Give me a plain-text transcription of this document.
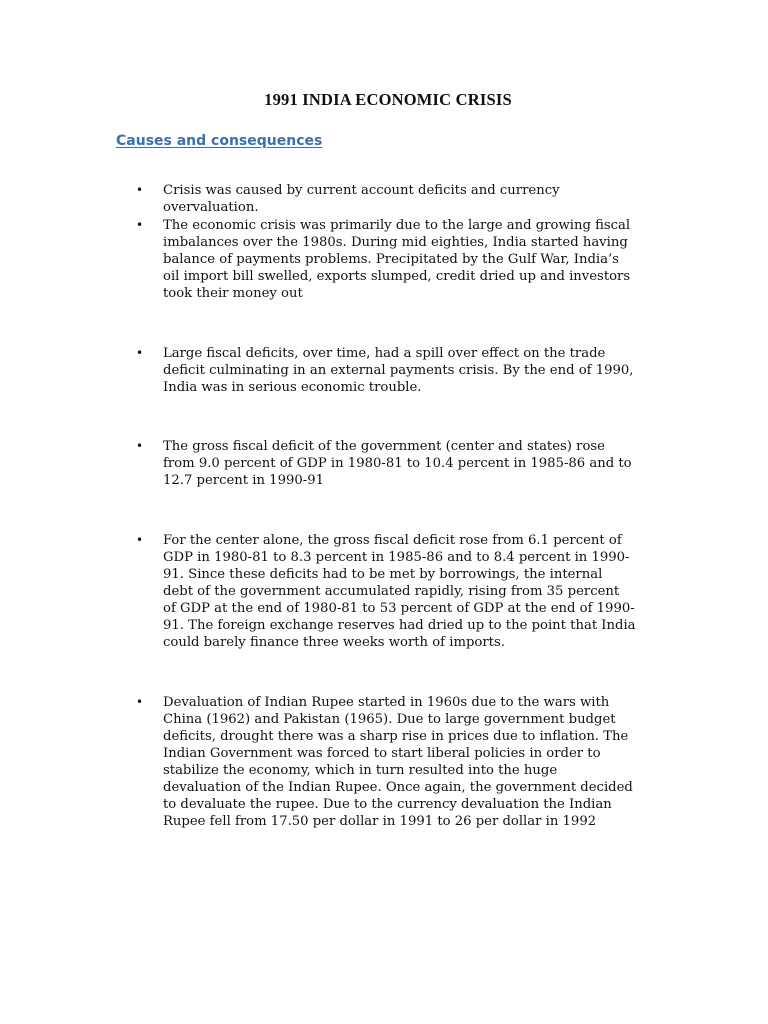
1991 INDIA ECONOMIC CRISIS
Causes and consequences
•	Crisis was caused by current account deficits and currency overvaluation.
•	The economic crisis was primarily due to the large and growing fiscal imbalances over the 1980s. During mid eighties, India started having balance of payments problems. Precipitated by the Gulf War, India’s oil import bill swelled, exports slumped, credit dried up and investors took their money out
•	Large fiscal deficits, over time, had a spill over effect on the trade deficit culminating in an external payments crisis. By the end of 1990, India was in serious economic trouble.
•	The gross fiscal deficit of the government (center and states) rose from 9.0 percent of GDP in 1980-81 to 10.4 percent in 1985-86 and to 12.7 percent in 1990-91
•	For the center alone, the gross fiscal deficit rose from 6.1 percent of GDP in 1980-81 to 8.3 percent in 1985-86 and to 8.4 percent in 1990-91. Since these deficits had to be met by borrowings, the internal debt of the government accumulated rapidly, rising from 35 percent of GDP at the end of 1980-81 to 53 percent of GDP at the end of 1990-91. The foreign exchange reserves had dried up to the point that India could barely finance three weeks worth of imports.
•	Devaluation of Indian Rupee started in 1960s due to the wars with China (1962) and Pakistan (1965). Due to large government budget deficits, drought there was a sharp rise in prices due to inflation. The Indian Government was forced to start liberal policies in order to stabilize the economy, which in turn resulted into the huge devaluation of the Indian Rupee. Once again, the government decided to devaluate the rupee. Due to the currency devaluation the Indian Rupee fell from 17.50 per dollar in 1991 to 26 per dollar in 1992
